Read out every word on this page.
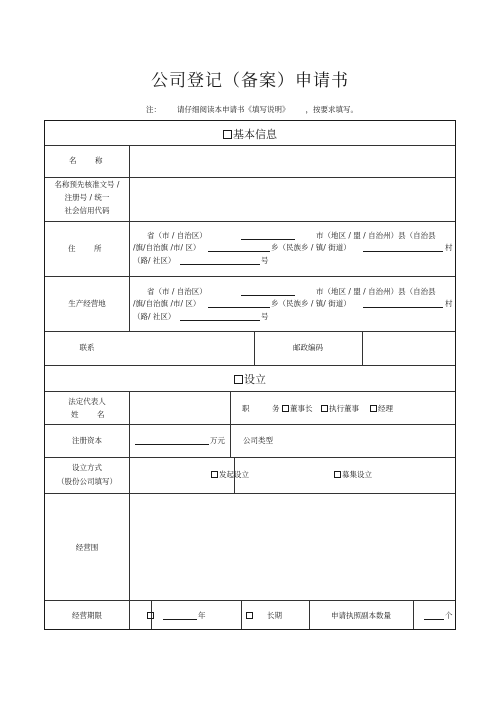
公司登记（备案）申请书
注： 请仔细阅读本申请书《填写说明》 ，按要求填写。
基本信息
名 称
名称预先核准文号 /
注册号 / 统一
社会信用代码
住 所
省（市 / 自治区）	市（地区 / 盟 / 自治州）县（自治县
/旗/自治旗 /市/ 区）	乡（民族乡 / 镇/ 街道）	村
（路/ 社区）	号
生产经营地
省（市 / 自治区）	市（地区 / 盟 / 自治州）县（自治县
/旗/自治旗 /市/ 区）	乡（民族乡 / 镇/ 街道）	村
（路/ 社区）	号
联系	邮政编码
设立
法定代表人
姓 名
职	务	董事长	执行董事	经理
注册资本	万元 公司类型
设立方式
（股份公司填写）
发起设立	募集设立
经营围
经营期限	年	长期	申请执照副本数量	个
